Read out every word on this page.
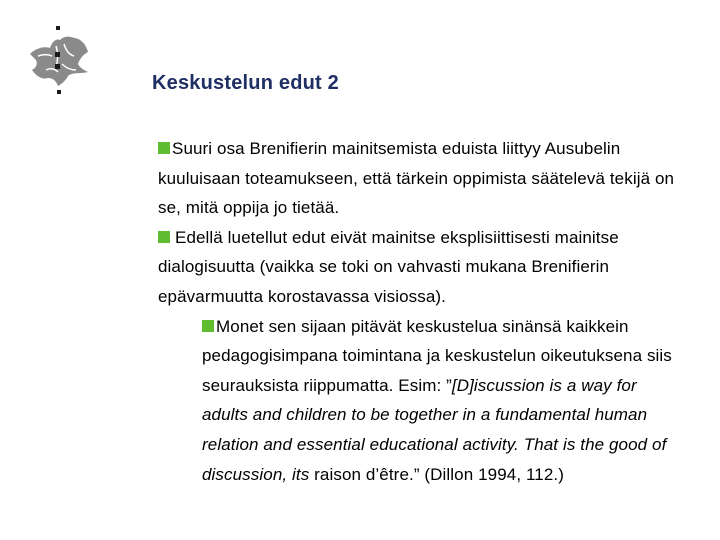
Keskustelun edut 2

Suuri osa Brenifierin mainitsemista eduista liittyy Ausubelin kuuluisaan toteamukseen, että tärkein oppimista säätelevä tekijä on se, mitä oppija jo tietää.

Edellä luetellut edut eivät mainitse eksplisiittisesti mainitse dialogisuutta (vaikka se toki on vahvasti mukana Brenifierin epävarmuutta korostavassa visiossa).

Monet sen sijaan pitävät keskustelua sinänsä kaikkein pedagogisimpana toimintana ja keskustelun oikeutuksena siis seurauksista riippumatta. Esim: ”[D]iscussion is a way for adults and children to be together in a fundamental human relation and essential educational activity. That is the good of discussion, its raison d’être.” (Dillon 1994, 112.)
